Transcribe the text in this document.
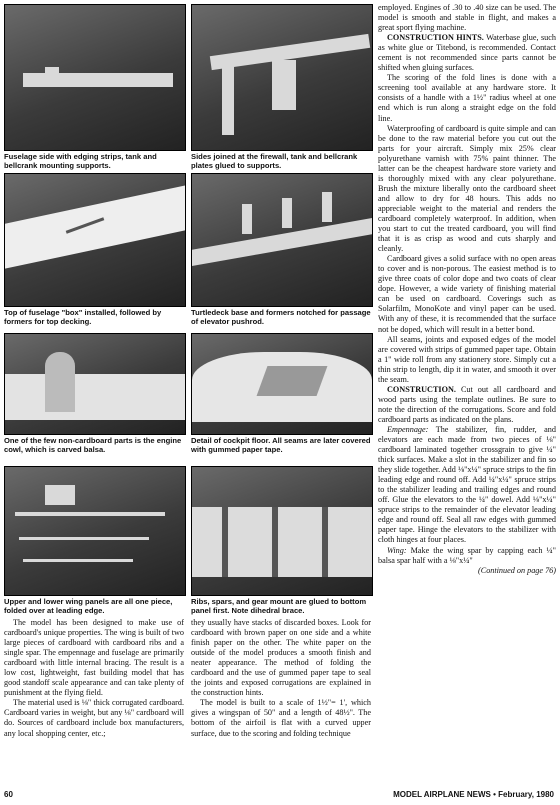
Fuselage side with edging strips, tank and bellcrank mounting supports.
Sides joined at the firewall, tank and bellcrank plates glued to supports.
Top of fuselage "box" installed, followed by formers for top decking.
Turtledeck base and formers notched for passage of elevator pushrod.
One of the few non-cardboard parts is the engine cowl, which is carved balsa.
Detail of cockpit floor. All seams are later covered with gummed paper tape.
Upper and lower wing panels are all one piece, folded over at leading edge.
Ribs, spars, and gear mount are glued to bottom panel first. Note dihedral brace.

The model has been designed to make use of cardboard's unique properties. The wing is built of two large pieces of cardboard with cardboard ribs and a single spar. The empennage and fuselage are primarily cardboard with little internal bracing. The result is a low cost, lightweight, fast building model that has good standoff scale appearance and can take plenty of punishment at the flying field.

The material used is ⅛" thick corrugated cardboard. Cardboard varies in weight, but any ⅛" cardboard will do. Sources of cardboard include box manufacturers, any local shopping center, etc.;

they usually have stacks of discarded boxes. Look for cardboard with brown paper on one side and a white finish paper on the other. The white paper on the outside of the model produces a smooth finish and neater appearance. The method of folding the cardboard and the use of gummed paper tape to seal the joints and exposed corrugations are explained in the construction hints.

The model is built to a scale of 1½"= 1', which gives a wingspan of 50" and a length of 48½". The bottom of the airfoil is flat with a curved upper surface, due to the scoring and folding technique

employed. Engines of .30 to .40 size can be used. The model is smooth and stable in flight, and makes a great sport flying machine.

CONSTRUCTION HINTS. Waterbase glue, such as white glue or Titebond, is recommended. Contact cement is not recommended since parts cannot be shifted when gluing surfaces.

The scoring of the fold lines is done with a screening tool available at any hardware store. It consists of a handle with a 1½" radius wheel at one end which is run along a straight edge on the fold line.

Waterproofing of cardboard is quite simple and can be done to the raw material before you cut out the parts for your aircraft. Simply mix 25% clear polyurethane varnish with 75% paint thinner. The latter can be the cheapest hardware store variety and is thoroughly mixed with any clear polyurethane. Brush the mixture liberally onto the cardboard sheet and allow to dry for 48 hours. This adds no appreciable weight to the material and renders the cardboard completely waterproof. In addition, when you start to cut the treated cardboard, you will find that it is as crisp as wood and cuts sharply and cleanly.

Cardboard gives a solid surface with no open areas to cover and is non-porous. The easiest method is to give three coats of color dope and two coats of clear dope. However, a wide variety of finishing material can be used on cardboard. Coverings such as Solarfilm, MonoKote and vinyl paper can be used. With any of these, it is recommended that the surface not be doped, which will result in a better bond.

All seams, joints and exposed edges of the model are covered with strips of gummed paper tape. Obtain a 1" wide roll from any stationery store. Simply cut a thin strip to length, dip it in water, and smooth it over the seam.

CONSTRUCTION. Cut out all cardboard and wood parts using the template outlines. Be sure to note the direction of the corrugations. Score and fold cardboard parts as indicated on the plans.

Empennage: The stabilizer, fin, rudder, and elevators are each made from two pieces of ⅛" cardboard laminated together crossgrain to give ¼" thick surfaces. Make a slot in the stabilizer and fin so they slide together. Add ⅛"x¼" spruce strips to the fin leading edge and round off. Add ¼"x¼" spruce strips to the stabilizer leading and trailing edges and round off. Glue the elevators to the ¼" dowel. Add ⅛"x¼" spruce strips to the remainder of the elevator leading edge and round off. Seal all raw edges with gummed paper tape. Hinge the elevators to the stabilizer with cloth hinges at four places.

Wing: Make the wing spar by capping each ¼" balsa spar half with a ⅛"x¼"

(Continued on page 76)
60	MODEL AIRPLANE NEWS • February, 1980
